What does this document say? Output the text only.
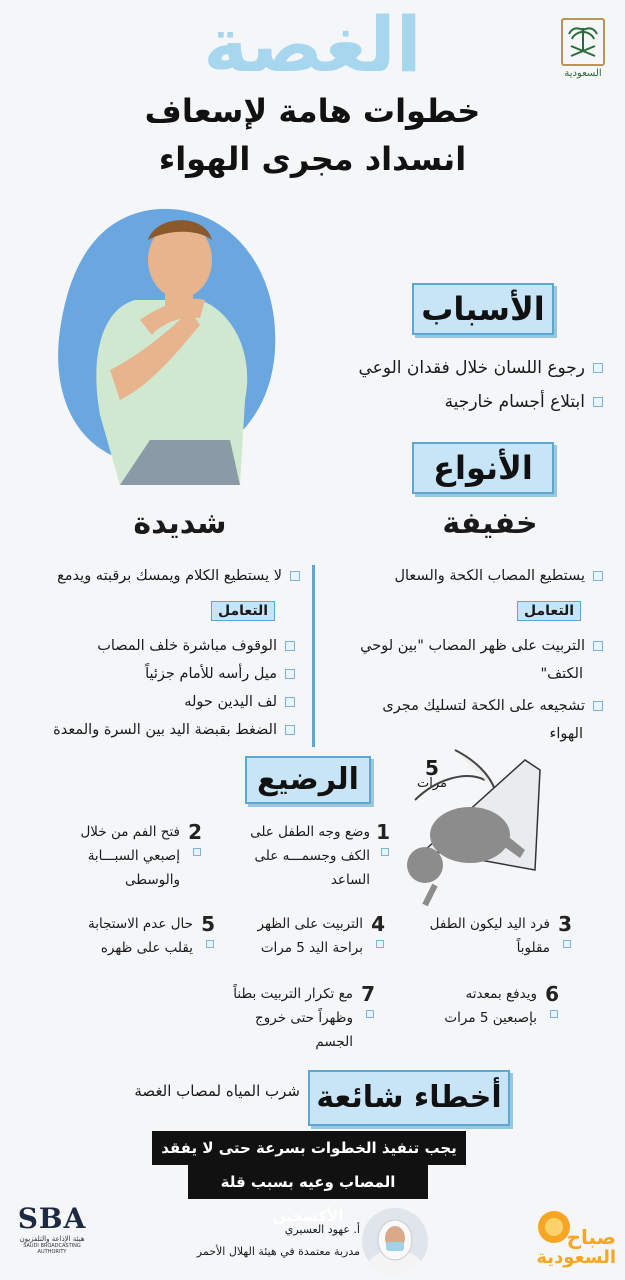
الغصة
خطوات هامة لإسعاف
انسداد مجرى الهواء
السعودية
الأسباب
رجوع اللسان خلال فقدان الوعي
ابتلاع أجسام خارجية
الأنواع
خفيفة
شديدة
يستطيع المصاب الكحة والسعال
التعامل
التربيت على ظهر المصاب "بين لوحي
الكتف"
تشجيعه على الكحة لتسليك مجرى
الهواء
لا يستطيع الكلام ويمسك برقبته ويدمع
التعامل
الوقوف مباشرة خلف المصاب
ميل رأسه للأمام جزئياً
لف اليدين حوله
الضغط بقبضة اليد بين السرة والمعدة
الرضيع	5
مرات
1
وضع وجه الطفل على
الكف وجسمـــه على
الساعد
2
فتح الفم من خلال
إصبعي السبـــابة
والوسطى
3
فرد اليد ليكون الطفل
مقلوباً
4
التربيت على الظهر
براحة اليد 5 مرات
5
حال عدم الاستجابة
يقلب على ظهره
6
ويدفع بمعدته
بإصبعين 5 مرات
7
مع تكرار التربيت بطناً
وظهراً حتى خروج
الجسم
أخطاء شائعة
شرب المياه لمصاب الغصة
يجب تنفيذ الخطوات بسرعة حتى لا يفقد
المصاب وعيه بسبب قلة الأكسجين
SBA
هيئة الإذاعة والتلفزيون
SAUDI BROADCASTING AUTHORITY
أ. عهود العسيري
مدربة معتمدة في هيئة الهلال الأحمر
صباح
السعودية
